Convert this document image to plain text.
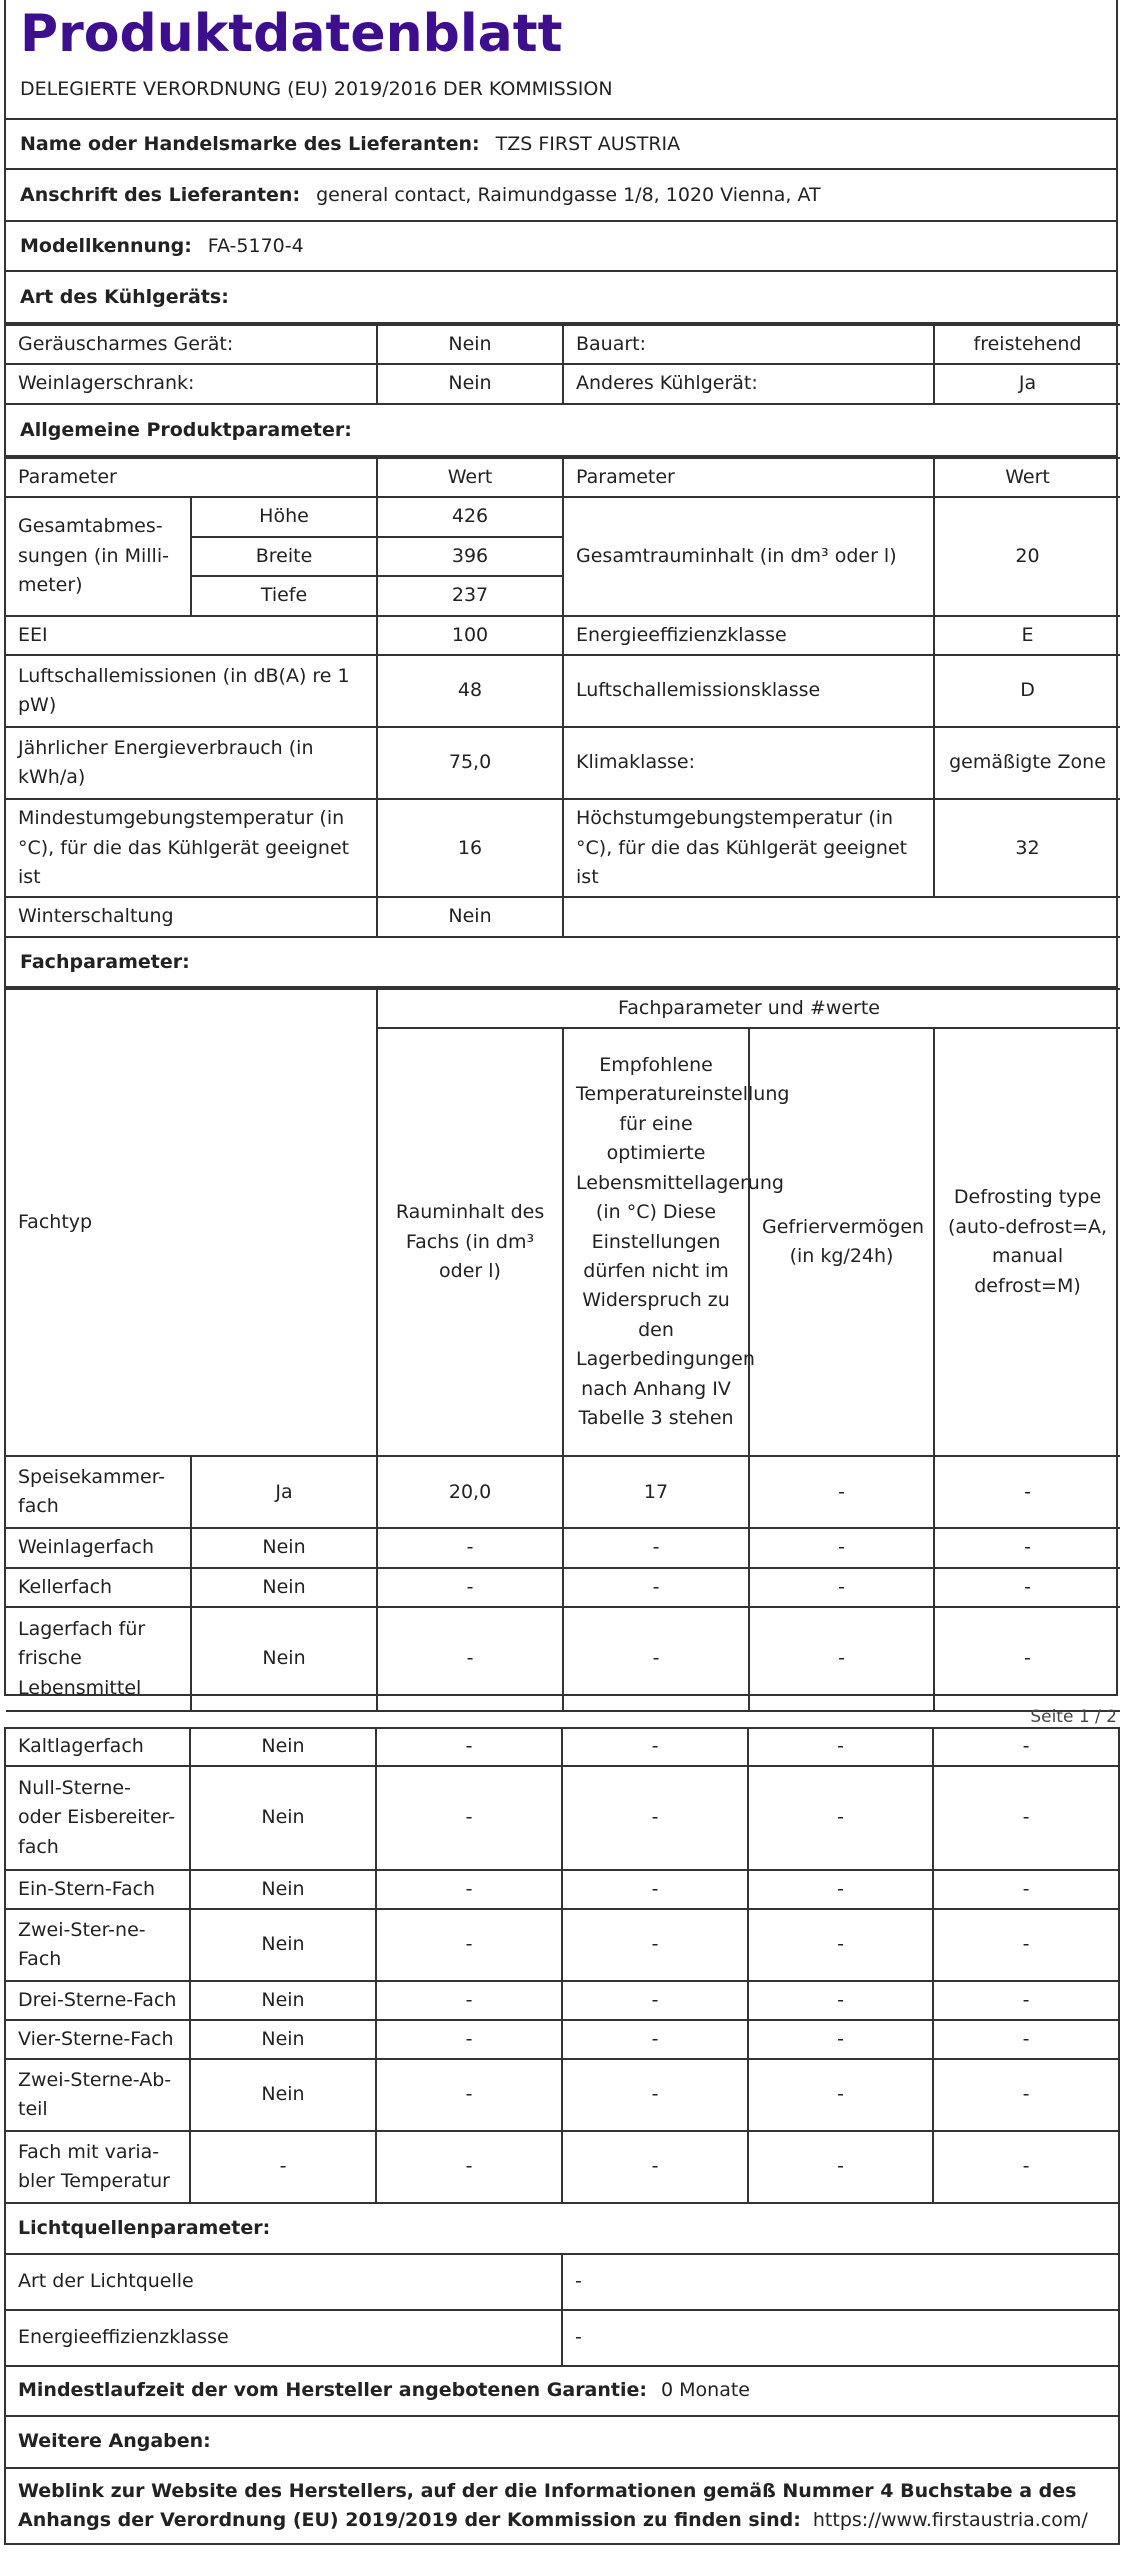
Produktdatenblatt
DELEGIERTE VERORDNUNG (EU) 2019/2016 DER KOMMISSION
Name oder Handelsmarke des Lieferanten: TZS FIRST AUSTRIA
Anschrift des Lieferanten: general contact, Raimundgasse 1/8, 1020 Vienna, AT
Modellkennung: FA-5170-4
Art des Kühlgeräts:
Geräuscharmes Gerät:	Nein	Bauart:	freistehend
Weinlagerschrank:	Nein	Anderes Kühlgerät:	Ja
Allgemeine Produktparameter:
Parameter		Wert	Parameter	Wert
Gesamtabmes-sungen (in Milli-meter)	Höhe	426	Gesamtrauminhalt (in dm³ oder l)	20
	Breite	396		
	Tiefe	237		
EEI		100	Energieeffizienzklasse	E
Luftschallemissionen (in dB(A) re 1 pW)		48	Luftschallemissionsklasse	D
Jährlicher Energieverbrauch (in kWh/a)		75,0	Klimaklasse:	gemäßigte Zone
Mindestumgebungstemperatur (in °C), für die das Kühlgerät geeignet ist		16	Höchstumgebungstemperatur (in °C), für die das Kühlgerät geeignet ist	32
Winterschaltung		Nein		
Fachparameter:
Fachtyp		Fachparameter und #werte			
		Rauminhalt des Fachs (in dm³ oder l)	Empfohlene Temperatureinstellung für eine optimierte Lebensmittellagerung (in °C) Diese Einstellungen dürfen nicht im Widerspruch zu den Lagerbedingungen nach Anhang IV Tabelle 3 stehen	Gefriervermögen (in kg/24h)	Defrosting type (auto-defrost=A, manual defrost=M)
Speisekammer-fach	Ja	20,0	17	-	-
Weinlagerfach	Nein	-	-	-	-
Kellerfach	Nein	-	-	-	-
Lagerfach für frische Lebensmittel	Nein	-	-	-	-
Seite 1 / 2
Kaltlagerfach	Nein	-	-	-	-
Null-Sterne- oder Eisbereiter-fach	Nein	-	-	-	-
Ein-Stern-Fach	Nein	-	-	-	-
Zwei-Ster-ne-Fach	Nein	-	-	-	-
Drei-Sterne-Fach	Nein	-	-	-	-
Vier-Sterne-Fach	Nein	-	-	-	-
Zwei-Sterne-Ab-teil	Nein	-	-	-	-
Fach mit varia-bler Temperatur	-	-	-	-	-
Lichtquellenparameter:	
Art der Lichtquelle	-
Energieeffizienzklasse	-
Mindestlaufzeit der vom Hersteller angebotenen Garantie: 0 Monate	
Weitere Angaben:	
Weblink zur Website des Herstellers, auf der die Informationen gemäß Nummer 4 Buchstabe a des Anhangs der Verordnung (EU) 2019/2019 der Kommission zu finden sind: https://www.firstaustria.com/	
